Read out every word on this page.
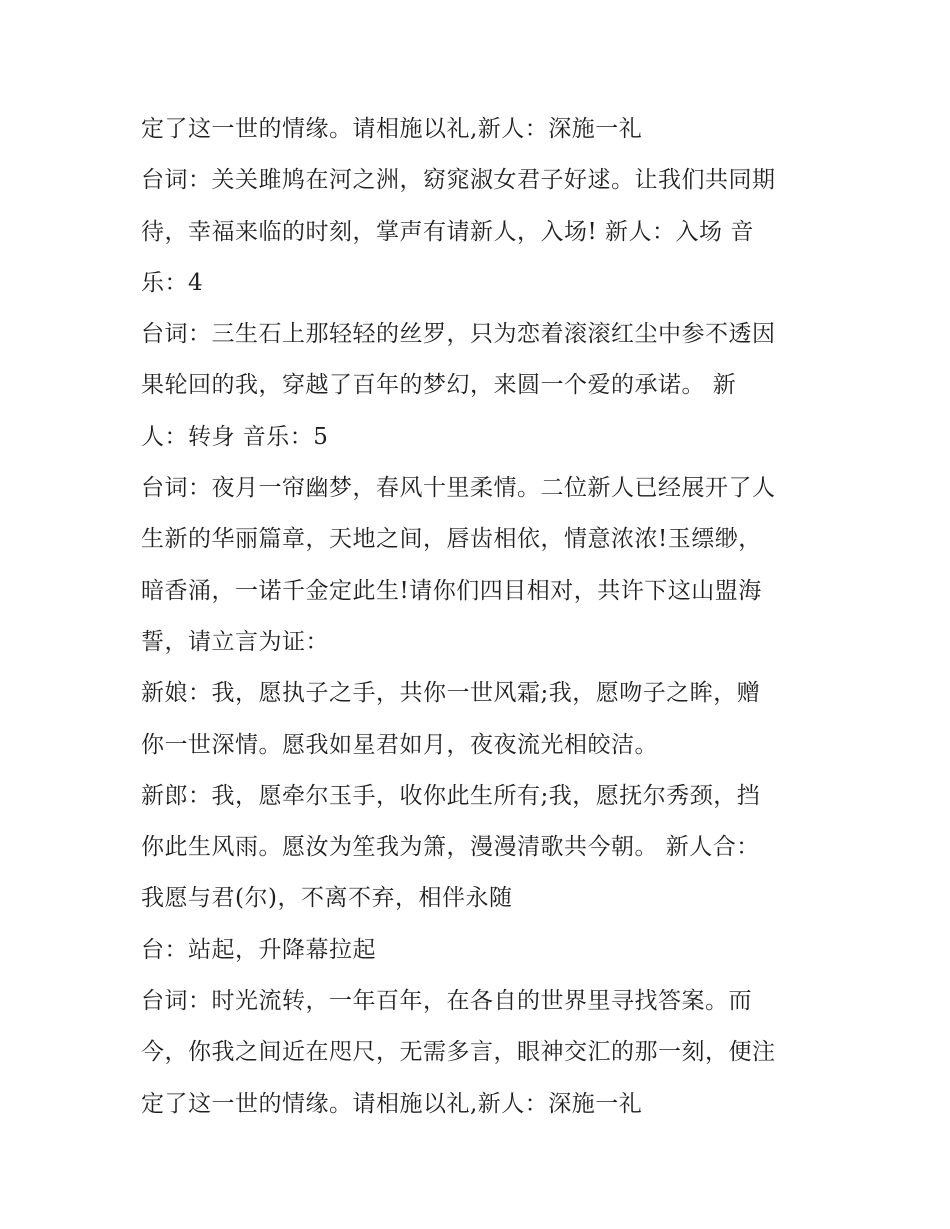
定了这一世的情缘。请相施以礼,新人：深施一礼
台词：关关雎鸠在河之洲，窈窕淑女君子好逑。让我们共同期
待，幸福来临的时刻，掌声有请新人，入场! 新人：入场 音
乐：4
台词：三生石上那轻轻的丝罗，只为恋着滚滚红尘中参不透因
果轮回的我，穿越了百年的梦幻，来圆一个爱的承诺。 新
人：转身 音乐：5
台词：夜月一帘幽梦，春风十里柔情。二位新人已经展开了人
生新的华丽篇章，天地之间，唇齿相依，情意浓浓!玉缥缈，
暗香涌，一诺千金定此生!请你们四目相对，共许下这山盟海
誓，请立言为证：
新娘：我，愿执子之手，共你一世风霜;我，愿吻子之眸，赠
你一世深情。愿我如星君如月，夜夜流光相皎洁。
新郎：我，愿牵尔玉手，收你此生所有;我，愿抚尔秀颈，挡
你此生风雨。愿汝为笙我为箫，漫漫清歌共今朝。 新人合：
我愿与君(尔)，不离不弃，相伴永随
台：站起，升降幕拉起
台词：时光流转，一年百年，在各自的世界里寻找答案。而
今，你我之间近在咫尺，无需多言，眼神交汇的那一刻，便注
定了这一世的情缘。请相施以礼,新人：深施一礼
